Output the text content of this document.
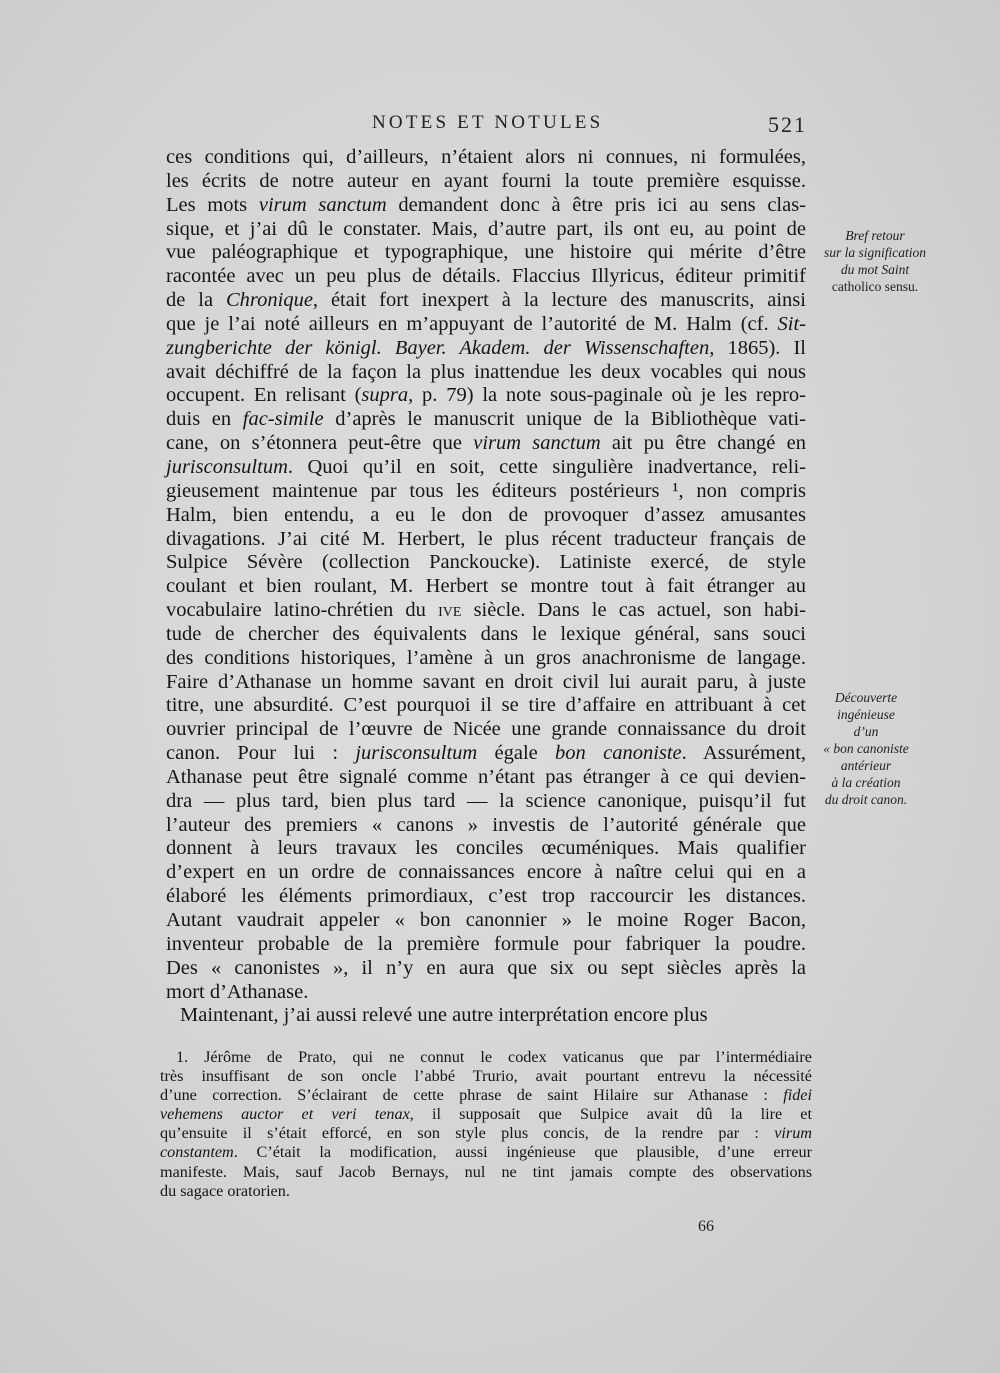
NOTES ET NOTULES	521
ces conditions qui, d’ailleurs, n’étaient alors ni connues, ni formulées,
les écrits de notre auteur en ayant fourni la toute première esquisse.
Les mots virum sanctum demandent donc à être pris ici au sens clas-
sique, et j’ai dû le constater. Mais, d’autre part, ils ont eu, au point de
vue paléographique et typographique, une histoire qui mérite d’être
racontée avec un peu plus de détails. Flaccius Illyricus, éditeur primitif
de la Chronique, était fort inexpert à la lecture des manuscrits, ainsi
que je l’ai noté ailleurs en m’appuyant de l’autorité de M. Halm (cf. Sit-
zungberichte der königl. Bayer. Akadem. der Wissenschaften, 1865). Il
avait déchiffré de la façon la plus inattendue les deux vocables qui nous
occupent. En relisant (supra, p. 79) la note sous-paginale où je les repro-
duis en fac-simile d’après le manuscrit unique de la Bibliothèque vati-
cane, on s’étonnera peut-être que virum sanctum ait pu être changé en
jurisconsultum. Quoi qu’il en soit, cette singulière inadvertance, reli-
gieusement maintenue par tous les éditeurs postérieurs ¹, non compris
Halm, bien entendu, a eu le don de provoquer d’assez amusantes
divagations. J’ai cité M. Herbert, le plus récent traducteur français de
Sulpice Sévère (collection Panckoucke). Latiniste exercé, de style
coulant et bien roulant, M. Herbert se montre tout à fait étranger au
vocabulaire latino-chrétien du ive siècle. Dans le cas actuel, son habi-
tude de chercher des équivalents dans le lexique général, sans souci
des conditions historiques, l’amène à un gros anachronisme de langage.
Faire d’Athanase un homme savant en droit civil lui aurait paru, à juste
titre, une absurdité. C’est pourquoi il se tire d’affaire en attribuant à cet
ouvrier principal de l’œuvre de Nicée une grande connaissance du droit
canon. Pour lui : jurisconsultum égale bon canoniste. Assurément,
Athanase peut être signalé comme n’étant pas étranger à ce qui devien-
dra — plus tard, bien plus tard — la science canonique, puisqu’il fut
l’auteur des premiers « canons » investis de l’autorité générale que
donnent à leurs travaux les conciles œcuméniques. Mais qualifier
d’expert en un ordre de connaissances encore à naître celui qui en a
élaboré les éléments primordiaux, c’est trop raccourcir les distances.
Autant vaudrait appeler « bon canonnier » le moine Roger Bacon,
inventeur probable de la première formule pour fabriquer la poudre.
Des « canonistes », il n’y en aura que six ou sept siècles après la
mort d’Athanase.
Maintenant, j’ai aussi relevé une autre interprétation encore plus
Bref retour
sur la signification
du mot Saint
catholico sensu.
Découverte
ingénieuse
d’un
« bon canoniste
antérieur
à la création
du droit canon.
1. Jérôme de Prato, qui ne connut le codex vaticanus que par l’intermédiaire
très insuffisant de son oncle l’abbé Trurio, avait pourtant entrevu la nécessité
d’une correction. S’éclairant de cette phrase de saint Hilaire sur Athanase : fidei
vehemens auctor et veri tenax, il supposait que Sulpice avait dû la lire et
qu’ensuite il s’était efforcé, en son style plus concis, de la rendre par : virum
constantem. C’était la modification, aussi ingénieuse que plausible, d’une erreur
manifeste. Mais, sauf Jacob Bernays, nul ne tint jamais compte des observations
du sagace oratorien.
66
